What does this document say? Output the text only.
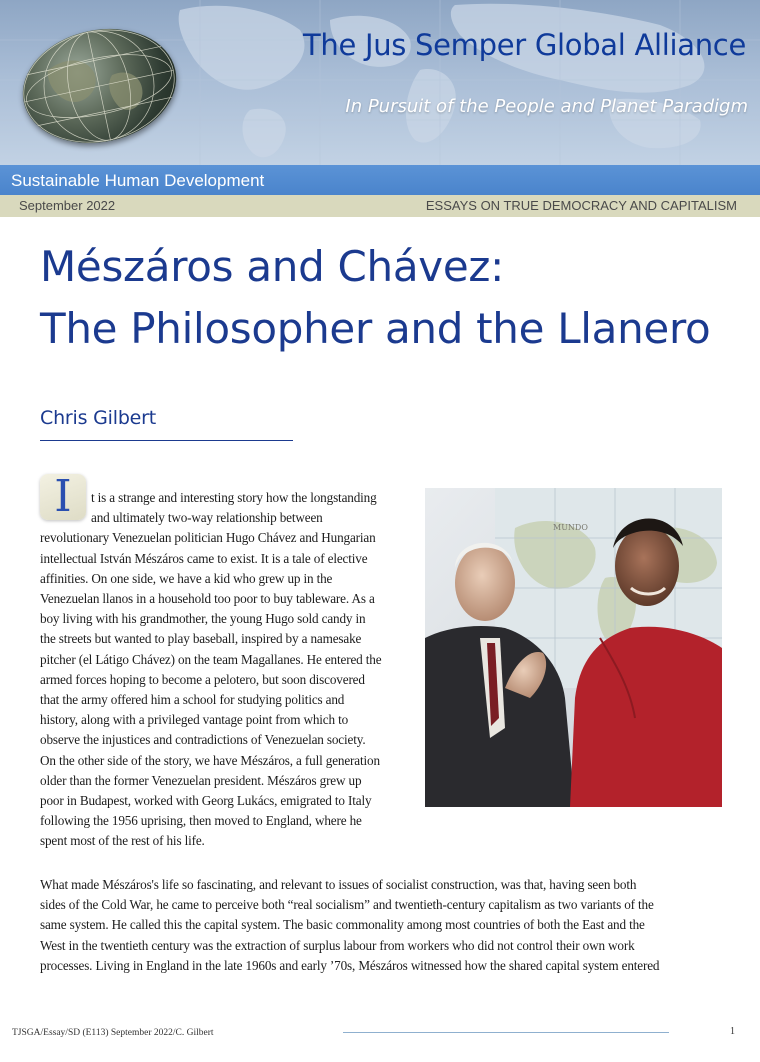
The Jus Semper Global Alliance
In Pursuit of the People and Planet Paradigm
Sustainable Human Development
September 2022	ESSAYS ON TRUE DEMOCRACY AND CAPITALISM
Mészáros and Chávez:
The Philosopher and the Llanero
Chris Gilbert
I	t is a strange and interesting story how the longstanding
and ultimately two-way relationship between
revolutionary Venezuelan politician Hugo Chávez and Hungarian
intellectual István Mészáros came to exist. It is a tale of elective
affinities. On one side, we have a kid who grew up in the
Venezuelan llanos in a household too poor to buy tableware. As a
boy living with his grandmother, the young Hugo sold candy in
the streets but wanted to play baseball, inspired by a namesake
pitcher (el Látigo Chávez) on the team Magallanes. He entered the
armed forces hoping to become a pelotero, but soon discovered
that the army offered him a school for studying politics and
history, along with a privileged vantage point from which to
observe the injustices and contradictions of Venezuelan society.
On the other side of the story, we have Mészáros, a full generation
older than the former Venezuelan president. Mészáros grew up
poor in Budapest, worked with Georg Lukács, emigrated to Italy
following the 1956 uprising, then moved to England, where he
spent most of the rest of his life.

MUNDO

What made Mészáros's life so fascinating, and relevant to issues of socialist construction, was that, having seen both
sides of the Cold War, he came to perceive both “real socialism” and twentieth-century capitalism as two variants of the
same system. He called this the capital system. The basic commonality among most countries of both the East and the
West in the twentieth century was the extraction of surplus labour from workers who did not control their own work
processes. Living in England in the late 1960s and early ’70s, Mészáros witnessed how the shared capital system entered

TJSGA/Essay/SD (E113) September 2022/C. Gilbert	1
